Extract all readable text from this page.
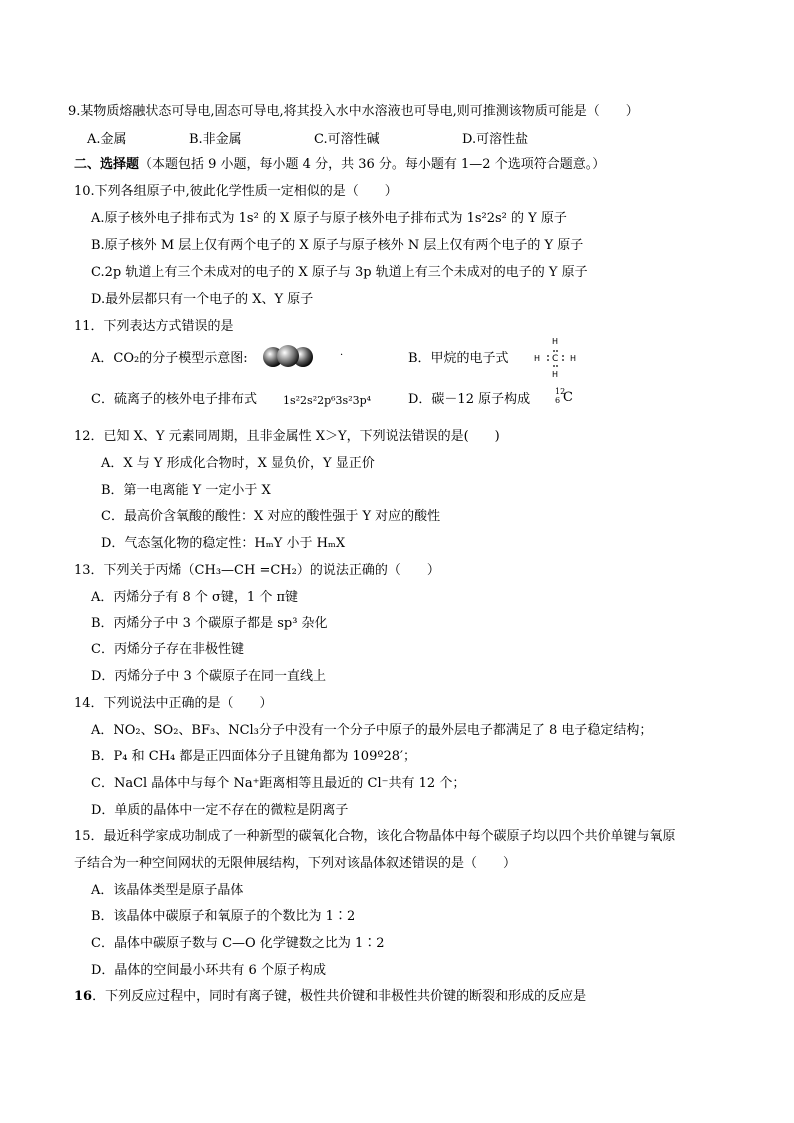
9.某物质熔融状态可导电,固态可导电,将其投入水中水溶液也可导电,则可推测该物质可能是（　　）
A.金属	B.非金属	C.可溶性碱	D.可溶性盐
二、选择题（本题包括 9 小题，每小题 4 分，共 36 分。每小题有 1—2 个选项符合题意。）
10.下列各组原子中,彼此化学性质一定相似的是（　　）
A.原子核外电子排布式为 1s² 的 X 原子与原子核外电子排布式为 1s²2s² 的 Y 原子
B.原子核外 M 层上仅有两个电子的 X 原子与原子核外 N 层上仅有两个电子的 Y 原子
C.2p 轨道上有三个未成对的电子的 X 原子与 3p 轨道上有三个未成对的电子的 Y 原子
D.最外层都只有一个电子的 X、Y 原子
11．下列表达方式错误的是
A．CO₂的分子模型示意图:	·	B．甲烷的电子式
H
H
H	H
C
C．硫离子的核外电子排布式 1s²2s²2p⁶3s²3p⁴	D．碳－12 原子构成
12
6 C
12．已知 X、Y 元素同周期，且非金属性 X＞Y，下列说法错误的是(　　)
A．X 与 Y 形成化合物时，X 显负价，Y 显正价
B．第一电离能 Y 一定小于 X
C．最高价含氧酸的酸性：X 对应的酸性强于 Y 对应的酸性
D．气态氢化物的稳定性：HₘY 小于 HₘX
13．下列关于丙烯（CH₃—CH =CH₂）的说法正确的（　　）
A．丙烯分子有 8 个 σ键，1 个 π键
B．丙烯分子中 3 个碳原子都是 sp³ 杂化
C．丙烯分子存在非极性键
D．丙烯分子中 3 个碳原子在同一直线上
14．下列说法中正确的是（　　）
A．NO₂、SO₂、BF₃、NCl₃分子中没有一个分子中原子的最外层电子都满足了 8 电子稳定结构；
B．P₄ 和 CH₄ 都是正四面体分子且键角都为 109º28′；
C．NaCl 晶体中与每个 Na⁺距离相等且最近的 Cl⁻共有 12 个；
D．单质的晶体中一定不存在的微粒是阴离子
15．最近科学家成功制成了一种新型的碳氧化合物，该化合物晶体中每个碳原子均以四个共价单键与氧原
子结合为一种空间网状的无限伸展结构，下列对该晶体叙述错误的是（　　）
A．该晶体类型是原子晶体
B．该晶体中碳原子和氧原子的个数比为 1∶2
C．晶体中碳原子数与 C—O 化学键数之比为 1∶2
D．晶体的空间最小环共有 6 个原子构成
16．下列反应过程中，同时有离子键，极性共价键和非极性共价键的断裂和形成的反应是
